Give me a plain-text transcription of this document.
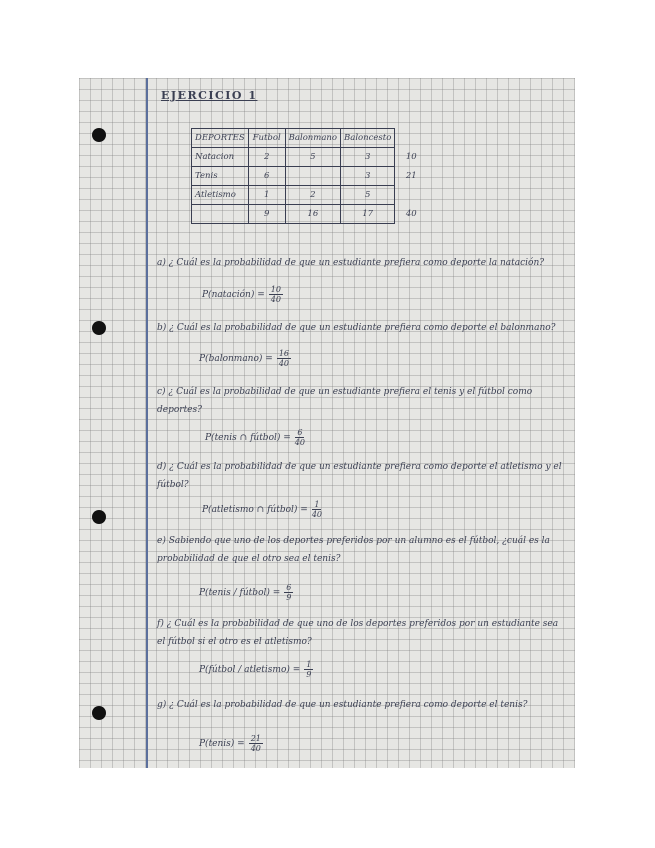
EJERCICIO 1
DEPORTES	Futbol	Balonmano	Baloncesto	
Natacion	2	5	3	10
Tenis	6		3	21
Atletismo	1	2	5	
	9	16	17	40
a) ¿ Cuál es la probabilidad de que un estudiante prefiera como deporte la natación?
P(natación) = $\frac{10}{40}$
b) ¿ Cuál es la probabilidad de que un estudiante prefiera como deporte el balonmano?
P(balonmano) = $\frac{16}{40}$
c) ¿ Cuál es la probabilidad de que un estudiante prefiera el tenis y el fútbol como deportes?
P(tenis ∩ fútbol) = $\frac{6}{40}$
d) ¿ Cuál es la probabilidad de que un estudiante prefiera como deporte el atletismo y el fútbol?
P(atletismo ∩ fútbol) = $\frac{1}{40}$
e) Sabiendo que uno de los deportes preferidos por un alumno es el fútbol, ¿cuál es la probabilidad de que el otro sea el tenis?
P(tenis / fútbol) = $\frac{6}{9}$
f) ¿ Cuál es la probabilidad de que uno de los deportes preferidos por un estudiante sea el fútbol si el otro es el atletismo?
P(fútbol / atletismo) = $\frac{1}{9}$
g) ¿ Cuál es la probabilidad de que un estudiante prefiera como deporte el tenis?
P(tenis) = $\frac{21}{40}$
